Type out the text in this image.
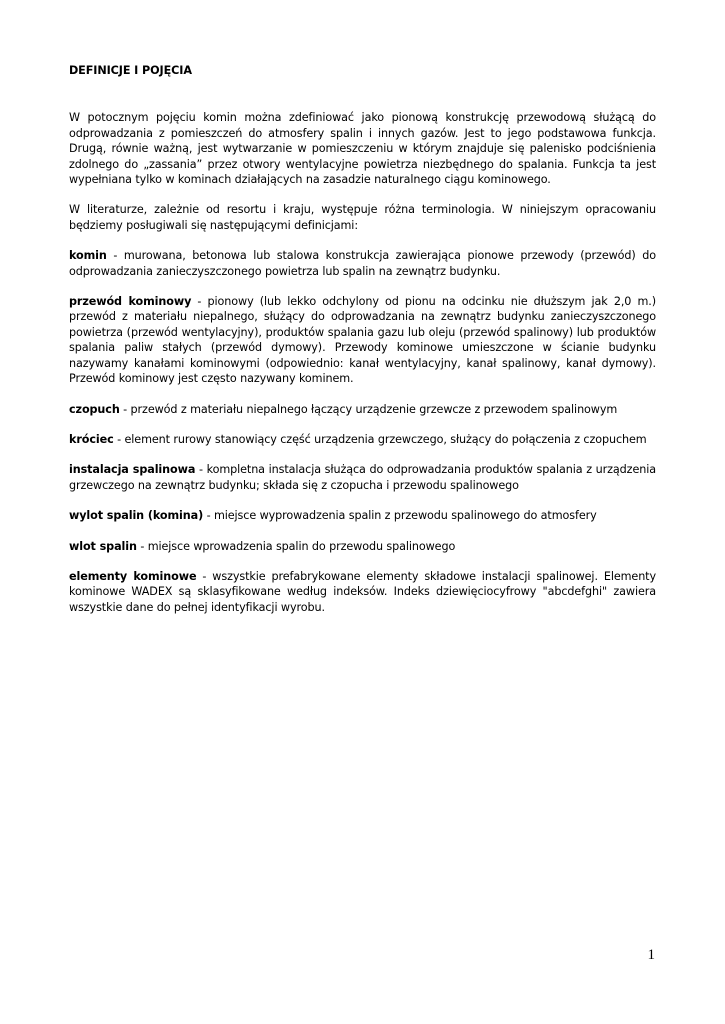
DEFINICJE I POJĘCIA

W potocznym pojęciu komin można zdefiniować jako pionową konstrukcję przewodową służącą do odprowadzania z pomieszczeń do atmosfery spalin i innych gazów. Jest to jego podstawowa funkcja. Drugą, równie ważną, jest wytwarzanie w pomieszczeniu w którym znajduje się palenisko podciśnienia zdolnego do „zassania” przez otwory wentylacyjne powietrza niezbędnego do spalania. Funkcja ta jest wypełniana tylko w kominach działających na zasadzie naturalnego ciągu kominowego.

W literaturze, zależnie od resortu i kraju, występuje różna terminologia. W niniejszym opracowaniu będziemy posługiwali się następującymi definicjami:

komin - murowana, betonowa lub stalowa konstrukcja zawierająca pionowe przewody (przewód) do odprowadzania zanieczyszczonego powietrza lub spalin na zewnątrz budynku.

przewód kominowy - pionowy (lub lekko odchylony od pionu na odcinku nie dłuższym jak 2,0 m.) przewód z materiału niepalnego, służący do odprowadzania na zewnątrz budynku zanieczyszczonego powietrza (przewód wentylacyjny), produktów spalania gazu lub oleju (przewód spalinowy) lub produktów spalania paliw stałych (przewód dymowy). Przewody kominowe umieszczone w ścianie budynku nazywamy kanałami kominowymi (odpowiednio: kanał wentylacyjny, kanał spalinowy, kanał dymowy). Przewód kominowy jest często nazywany kominem.

czopuch - przewód z materiału niepalnego łączący urządzenie grzewcze z przewodem spalinowym

króciec - element rurowy stanowiący część urządzenia grzewczego, służący do połączenia z czopuchem

instalacja spalinowa - kompletna instalacja służąca do odprowadzania produktów spalania z urządzenia grzewczego na zewnątrz budynku; składa się z czopucha i przewodu spalinowego

wylot spalin (komina) - miejsce wyprowadzenia spalin z przewodu spalinowego do atmosfery

wlot spalin - miejsce wprowadzenia spalin do przewodu spalinowego

elementy kominowe - wszystkie prefabrykowane elementy składowe instalacji spalinowej. Elementy kominowe WADEX są sklasyfikowane według indeksów. Indeks dziewięciocyfrowy "abcdefghi" zawiera wszystkie dane do pełnej identyfikacji wyrobu.

1
